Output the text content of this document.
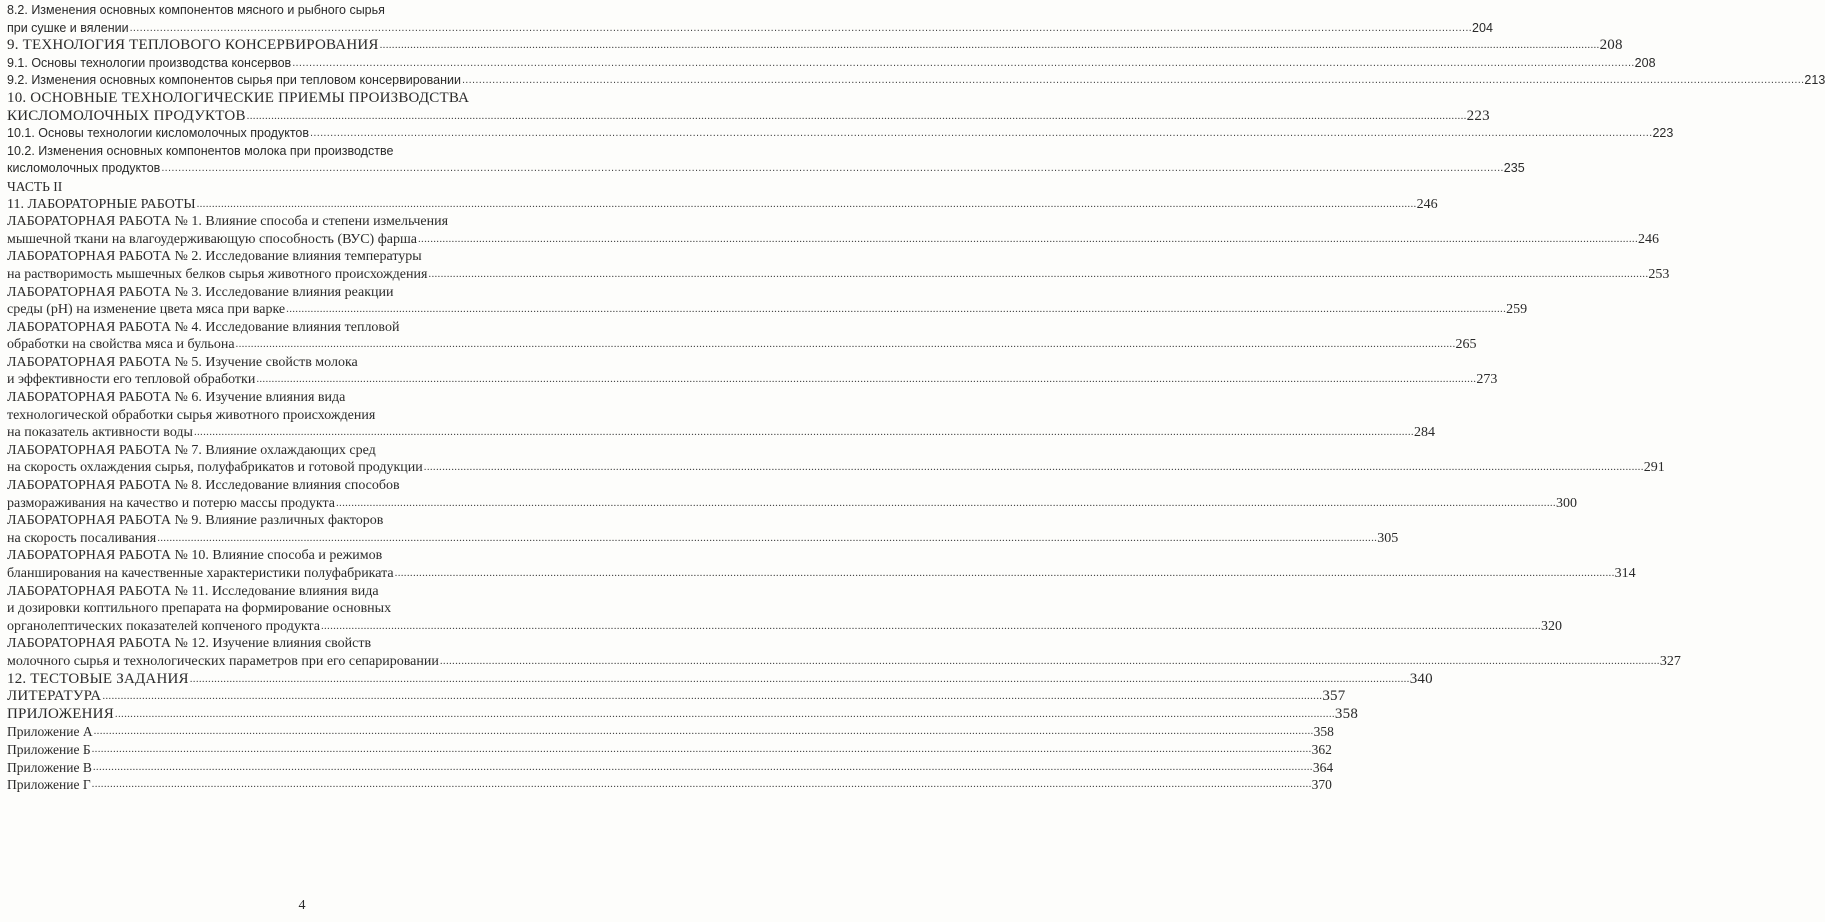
8.2. Изменения основных компонентов мясного и рыбного сырья
при сушке и вялении ................................................................................................................................................................................................................................................................................................................................................................................................................ 204
9. ТЕХНОЛОГИЯ ТЕПЛОВОГО КОНСЕРВИРОВАНИЯ ................................................................................................................................................................................................................................................................................................................................................................................................................ 208
9.1. Основы технологии производства консервов ................................................................................................................................................................................................................................................................................................................................................................................................................ 208
9.2. Изменения основных компонентов сырья при тепловом консервировании ................................................................................................................................................................................................................................................................................................................................................................................................................ 213
10. ОСНОВНЫЕ ТЕХНОЛОГИЧЕСКИЕ ПРИЕМЫ ПРОИЗВОДСТВА
КИСЛОМОЛОЧНЫХ ПРОДУКТОВ ................................................................................................................................................................................................................................................................................................................................................................................................................ 223
10.1. Основы технологии кисломолочных продуктов ................................................................................................................................................................................................................................................................................................................................................................................................................ 223
10.2. Изменения основных компонентов молока при производстве
кисломолочных продуктов ................................................................................................................................................................................................................................................................................................................................................................................................................ 235
ЧАСТЬ II
11. ЛАБОРАТОРНЫЕ РАБОТЫ ................................................................................................................................................................................................................................................................................................................................................................................................................ 246
ЛАБОРАТОРНАЯ РАБОТА № 1. Влияние способа и степени измельчения
мышечной ткани на влагоудерживающую способность (ВУС) фарша ................................................................................................................................................................................................................................................................................................................................................................................................................ 246
ЛАБОРАТОРНАЯ РАБОТА № 2. Исследование влияния температуры
на растворимость мышечных белков сырья животного происхождения ................................................................................................................................................................................................................................................................................................................................................................................................................ 253
ЛАБОРАТОРНАЯ РАБОТА № 3. Исследование влияния реакции
среды (pH) на изменение цвета мяса при варке ................................................................................................................................................................................................................................................................................................................................................................................................................ 259
ЛАБОРАТОРНАЯ РАБОТА № 4. Исследование влияния тепловой
обработки на свойства мяса и бульона ................................................................................................................................................................................................................................................................................................................................................................................................................ 265
ЛАБОРАТОРНАЯ РАБОТА № 5. Изучение свойств молока
и эффективности его тепловой обработки ................................................................................................................................................................................................................................................................................................................................................................................................................ 273
ЛАБОРАТОРНАЯ РАБОТА № 6. Изучение влияния вида
технологической обработки сырья животного происхождения
на показатель активности воды ................................................................................................................................................................................................................................................................................................................................................................................................................ 284
ЛАБОРАТОРНАЯ РАБОТА № 7. Влияние охлаждающих сред
на скорость охлаждения сырья, полуфабрикатов и готовой продукции ................................................................................................................................................................................................................................................................................................................................................................................................................ 291
ЛАБОРАТОРНАЯ РАБОТА № 8. Исследование влияния способов
размораживания на качество и потерю массы продукта ................................................................................................................................................................................................................................................................................................................................................................................................................ 300
ЛАБОРАТОРНАЯ РАБОТА № 9. Влияние различных факторов
на скорость посаливания ................................................................................................................................................................................................................................................................................................................................................................................................................ 305
ЛАБОРАТОРНАЯ РАБОТА № 10. Влияние способа и режимов
бланширования на качественные характеристики полуфабриката ................................................................................................................................................................................................................................................................................................................................................................................................................ 314
ЛАБОРАТОРНАЯ РАБОТА № 11. Исследование влияния вида
и дозировки коптильного препарата на формирование основных
органолептических показателей копченого продукта ................................................................................................................................................................................................................................................................................................................................................................................................................ 320
ЛАБОРАТОРНАЯ РАБОТА № 12. Изучение влияния свойств
молочного сырья и технологических параметров при его сепарировании ................................................................................................................................................................................................................................................................................................................................................................................................................ 327
12. ТЕСТОВЫЕ ЗАДАНИЯ ................................................................................................................................................................................................................................................................................................................................................................................................................ 340
ЛИТЕРАТУРА ................................................................................................................................................................................................................................................................................................................................................................................................................ 357
ПРИЛОЖЕНИЯ ................................................................................................................................................................................................................................................................................................................................................................................................................ 358
Приложение А ................................................................................................................................................................................................................................................................................................................................................................................................................ 358
Приложение Б ................................................................................................................................................................................................................................................................................................................................................................................................................ 362
Приложение В ................................................................................................................................................................................................................................................................................................................................................................................................................ 364
Приложение Г ................................................................................................................................................................................................................................................................................................................................................................................................................ 370
4
